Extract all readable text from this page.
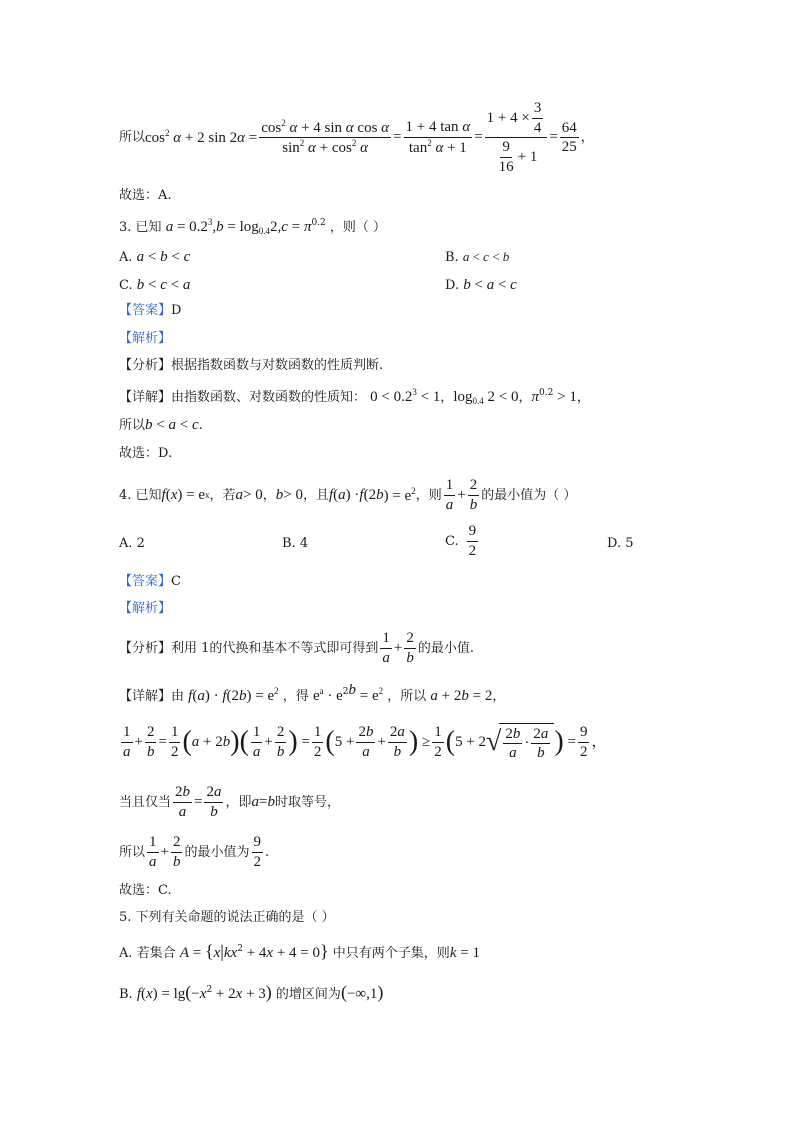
所以 $\cos^2 \alpha + 2$ $\sin 2\alpha = \frac{\cos^2 \alpha + 4 \sin \alpha \cos \alpha}{\sin^2 \alpha + \cos^2 \alpha} = \frac{\text{1 + 4 tan α}}{\tan^2 \alpha + 1} = \frac{1 + 4 \times \frac{3}{4}}{\frac{9}{16} + 1} = \frac{64}{25}$ ，
故选：A.
3. 已知 $a = 0.2^3,b = \log_{0.4}2,c = \pi^{0.2}$ ，则（ ）
A. a < b < c	B. a < c < b
C. b < c < a	D. b < a < c
【答案】D
【解析】
【分析】根据指数函数与对数函数的性质判断.
【详解】由指数函数、对数函数的性质知： $0 < 0.2^3 < 1$，$\log_{0.4} 2 < 0$，$\pi^{0.2} > 1$，
所以b < a < c.
故选：D.
4. 已知 f ( x ) = e x ，若 a > 0 ， b > 0 ，且 f ( a ) · f (2 b ) = $e^2$ ，则 $\frac{1}{a} + \frac{2}{b}$ 的最小值为（ ）
A. 2	B. 4	C. $\frac{9}{2}$	D. 5
【答案】C
【解析】
【分析】 利用 1的代换和基本不等式即可得到 $\frac{1}{a} + \frac{2}{b}$ 的最小值.
【详解】由 $f(a) \cdot f(2b) = e^2$ ，得 $e^a \cdot e^{2b} = e^2$ ，所以 a + 2b = 2，
$\frac{1}{a} + \frac{2}{b} = \frac{1}{2}$ ( a + 2 b ) ( $\frac{1}{a} + \frac{2}{b}$ ) = $\frac{1}{2}$ ( $5 + \frac{2b}{a} + \frac{2a}{b}$ ) ≥ $\frac{1}{2}$ ( 5 + 2 √ $\frac{2b}{a} \cdot \frac{2a}{b}$ ) = $\frac{9}{2}$ ，
当且仅当 $\frac{2b}{a} = \frac{2a}{b}$ ，即 a = b 时取等号，
所以 $\frac{1}{a} + \frac{2}{b}$ 的最小值为 $\frac{9}{2}$ .
故选：C.
5. 下列有关命题的说法正确的是（ ）
A. 若集合 $A = \{x|kx^2 + 4x + 4 = 0\}$ 中只有两个子集，则k = 1
B. $f(x) = \lg(-x^2 + 2x + 3)$ 的增区间为(−∞,1)
